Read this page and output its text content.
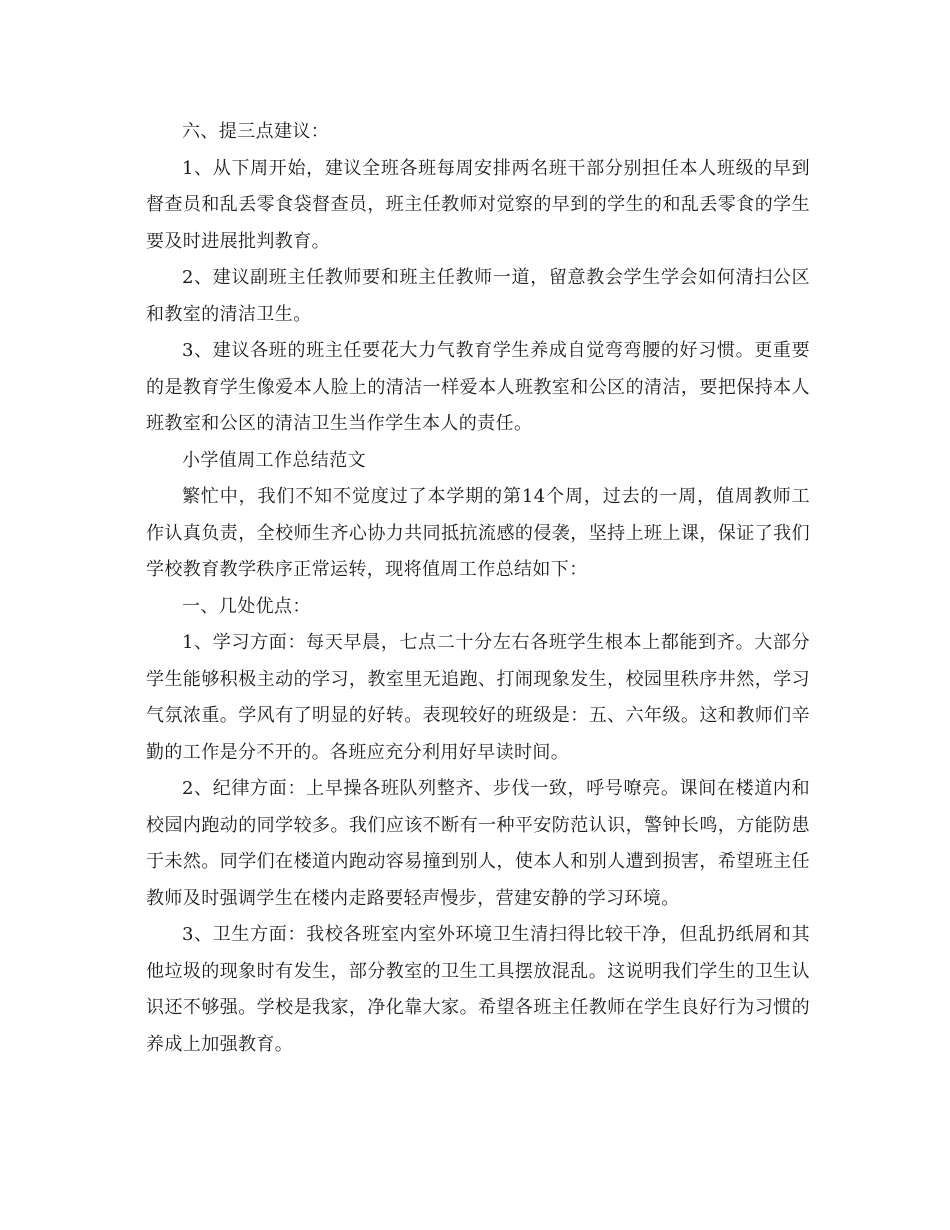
六、提三点建议：

1、从下周开始，建议全班各班每周安排两名班干部分别担任本人班级的早到督查员和乱丢零食袋督查员，班主任教师对觉察的早到的学生的和乱丢零食的学生要及时进展批判教育。

2、建议副班主任教师要和班主任教师一道，留意教会学生学会如何清扫公区和教室的清洁卫生。

3、建议各班的班主任要花大力气教育学生养成自觉弯弯腰的好习惯。更重要的是教育学生像爱本人脸上的清洁一样爱本人班教室和公区的清洁，要把保持本人班教室和公区的清洁卫生当作学生本人的责任。

小学值周工作总结范文

繁忙中，我们不知不觉度过了本学期的第14个周，过去的一周，值周教师工作认真负责，全校师生齐心协力共同抵抗流感的侵袭，坚持上班上课，保证了我们学校教育教学秩序正常运转，现将值周工作总结如下：

一、几处优点：

1、学习方面：每天早晨，七点二十分左右各班学生根本上都能到齐。大部分学生能够积极主动的学习，教室里无追跑、打闹现象发生，校园里秩序井然，学习气氛浓重。学风有了明显的好转。表现较好的班级是：五、六年级。这和教师们辛勤的工作是分不开的。各班应充分利用好早读时间。

2、纪律方面：上早操各班队列整齐、步伐一致，呼号嘹亮。课间在楼道内和校园内跑动的同学较多。我们应该不断有一种平安防范认识，警钟长鸣，方能防患于未然。同学们在楼道内跑动容易撞到别人，使本人和别人遭到损害，希望班主任教师及时强调学生在楼内走路要轻声慢步，营建安静的学习环境。

3、卫生方面：我校各班室内室外环境卫生清扫得比较干净，但乱扔纸屑和其他垃圾的现象时有发生，部分教室的卫生工具摆放混乱。这说明我们学生的卫生认识还不够强。学校是我家，净化靠大家。希望各班主任教师在学生良好行为习惯的养成上加强教育。
